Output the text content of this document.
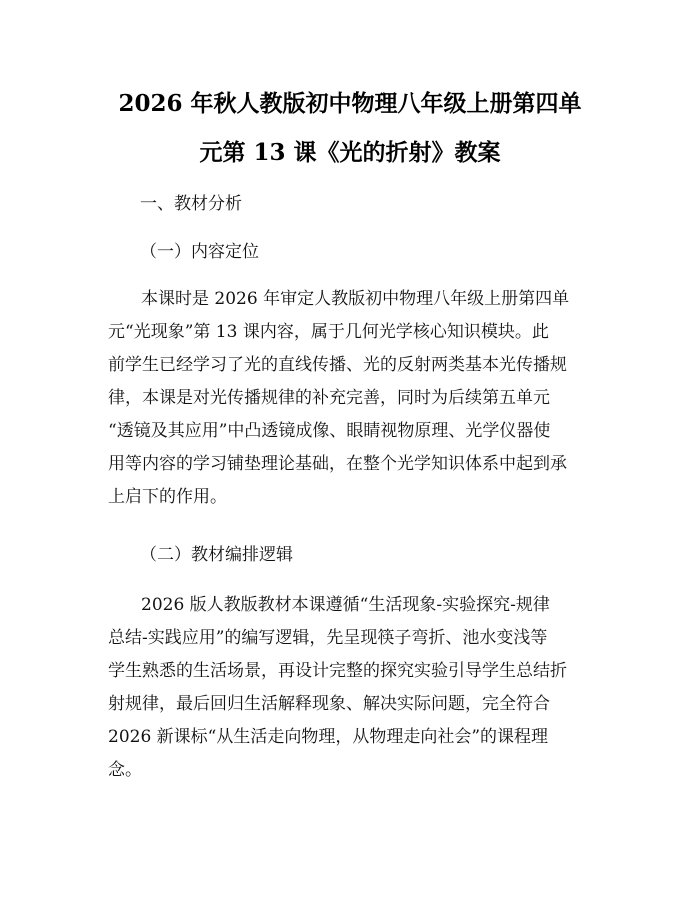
2026 年秋人教版初中物理八年级上册第四单
元第 13 课《光的折射》教案
一、教材分析
（一）内容定位
本课时是 2026 年审定人教版初中物理八年级上册第四单
元“光现象”第 13 课内容，属于几何光学核心知识模块。此
前学生已经学习了光的直线传播、光的反射两类基本光传播规
律，本课是对光传播规律的补充完善，同时为后续第五单元
“透镜及其应用”中凸透镜成像、眼睛视物原理、光学仪器使
用等内容的学习铺垫理论基础，在整个光学知识体系中起到承
上启下的作用。
（二）教材编排逻辑
2026 版人教版教材本课遵循“生活现象-实验探究-规律
总结-实践应用”的编写逻辑，先呈现筷子弯折、池水变浅等
学生熟悉的生活场景，再设计完整的探究实验引导学生总结折
射规律，最后回归生活解释现象、解决实际问题，完全符合
2026 新课标“从生活走向物理，从物理走向社会”的课程理
念。
